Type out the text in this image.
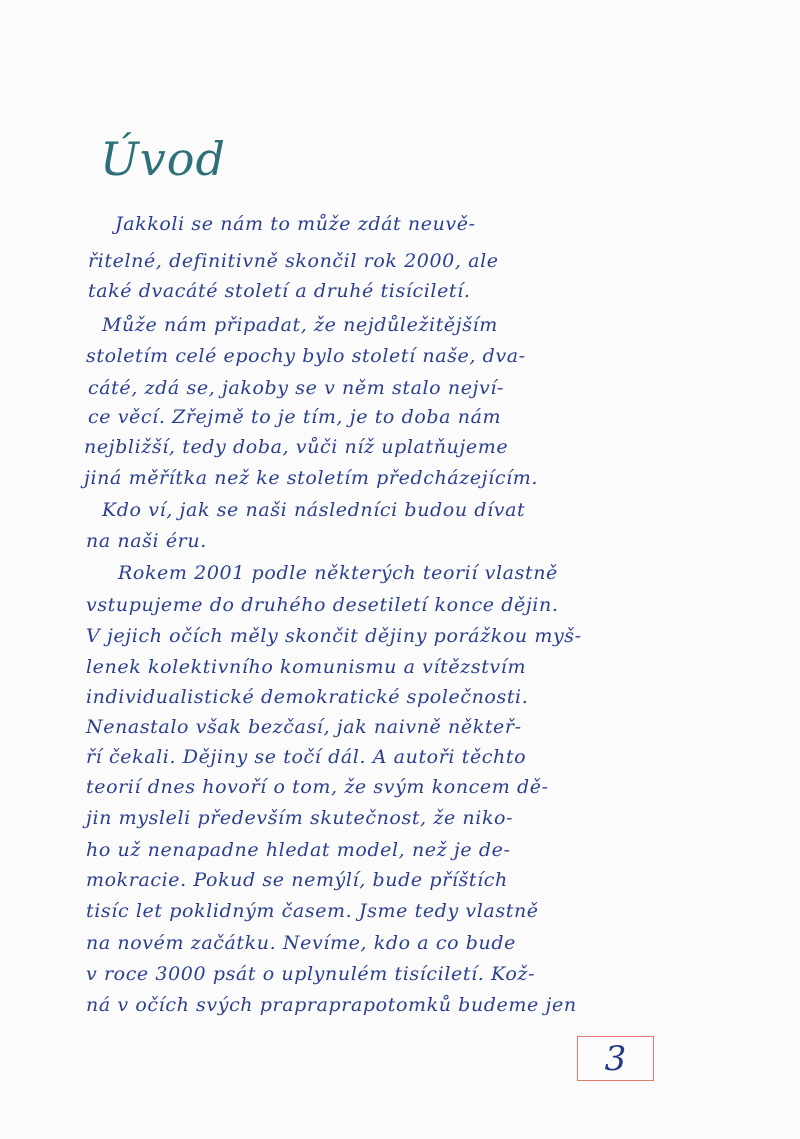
Úvod
Jakkoli se nám to může zdát neuvě-
řitelné, definitivně skončil rok 2000, ale
také dvacáté století a druhé tisíciletí.
Může nám připadat, že nejdůležitějším
stoletím celé epochy bylo století naše, dva-
cáté, zdá se, jakoby se v něm stalo nejví-
ce věcí. Zřejmě to je tím, je to doba nám
nejbližší, tedy doba, vůči níž uplatňujeme
jiná měřítka než ke stoletím předcházejícím.
Kdo ví, jak se naši následníci budou dívat
na naši éru.
Rokem 2001 podle některých teorií vlastně
vstupujeme do druhého desetiletí konce dějin.
V jejich očích měly skončit dějiny porážkou myš-
lenek kolektivního komunismu a vítězstvím
individualistické demokratické společnosti.
Nenastalo však bezčasí, jak naivně někteř-
ří čekali. Dějiny se točí dál. A autoři těchto
teorií dnes hovoří o tom, že svým koncem dě-
jin mysleli především skutečnost, že niko-
ho už nenapadne hledat model, než je de-
mokracie. Pokud se nemýlí, bude příštích
tisíc let poklidným časem. Jsme tedy vlastně
na novém začátku. Nevíme, kdo a co bude
v roce 3000 psát o uplynulém tisíciletí. Kož-
ná v očích svých prapraprapotomků budeme jen
3
